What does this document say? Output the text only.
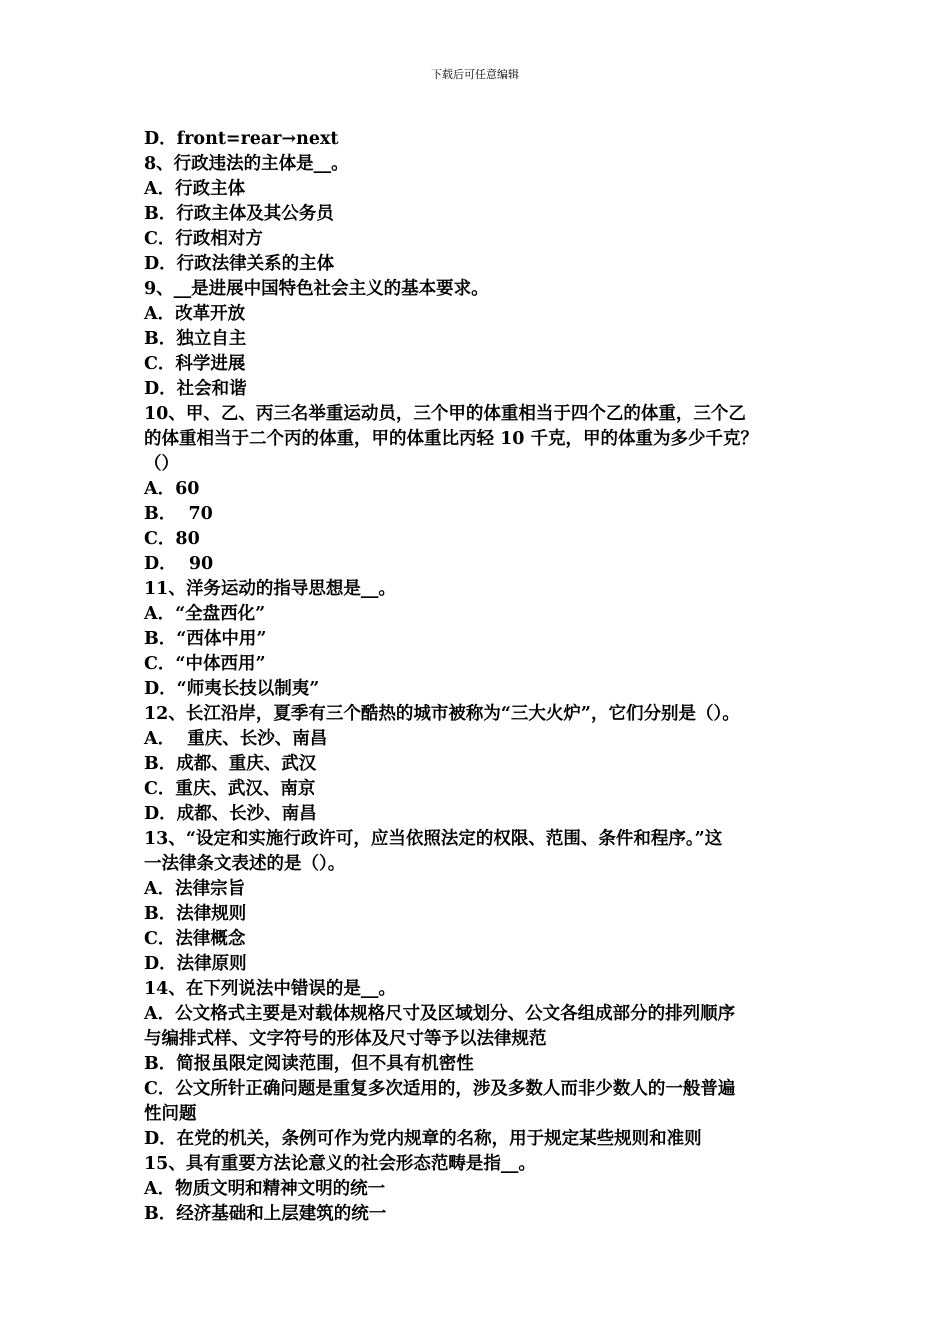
下载后可任意编辑
D．front=rear→next
8、行政违法的主体是__。
A．行政主体
B．行政主体及其公务员
C．行政相对方
D．行政法律关系的主体
9、__是进展中国特色社会主义的基本要求。
A．改革开放
B．独立自主
C．科学进展
D．社会和谐
10、甲、乙、丙三名举重运动员，三个甲的体重相当于四个乙的体重，三个乙
的体重相当于二个丙的体重，甲的体重比丙轻 10 千克，甲的体重为多少千克？
（）
A．60
B．  70
C．80
D．  90
11、洋务运动的指导思想是__。
A．“全盘西化”
B．“西体中用”
C．“中体西用”
D．“师夷长技以制夷”
12、长江沿岸，夏季有三个酷热的城市被称为“三大火炉”，它们分别是（）。
A．  重庆、长沙、南昌
B．成都、重庆、武汉
C．重庆、武汉、南京
D．成都、长沙、南昌
13、“设定和实施行政许可，应当依照法定的权限、范围、条件和程序。”这
一法律条文表述的是（）。
A．法律宗旨
B．法律规则
C．法律概念
D．法律原则
14、在下列说法中错误的是__。
A．公文格式主要是对载体规格尺寸及区域划分、公文各组成部分的排列顺序
与编排式样、文字符号的形体及尺寸等予以法律规范
B．简报虽限定阅读范围，但不具有机密性
C．公文所针正确问题是重复多次适用的，涉及多数人而非少数人的一般普遍
性问题
D．在党的机关，条例可作为党内规章的名称，用于规定某些规则和准则
15、具有重要方法论意义的社会形态范畴是指__。
A．物质文明和精神文明的统一
B．经济基础和上层建筑的统一
